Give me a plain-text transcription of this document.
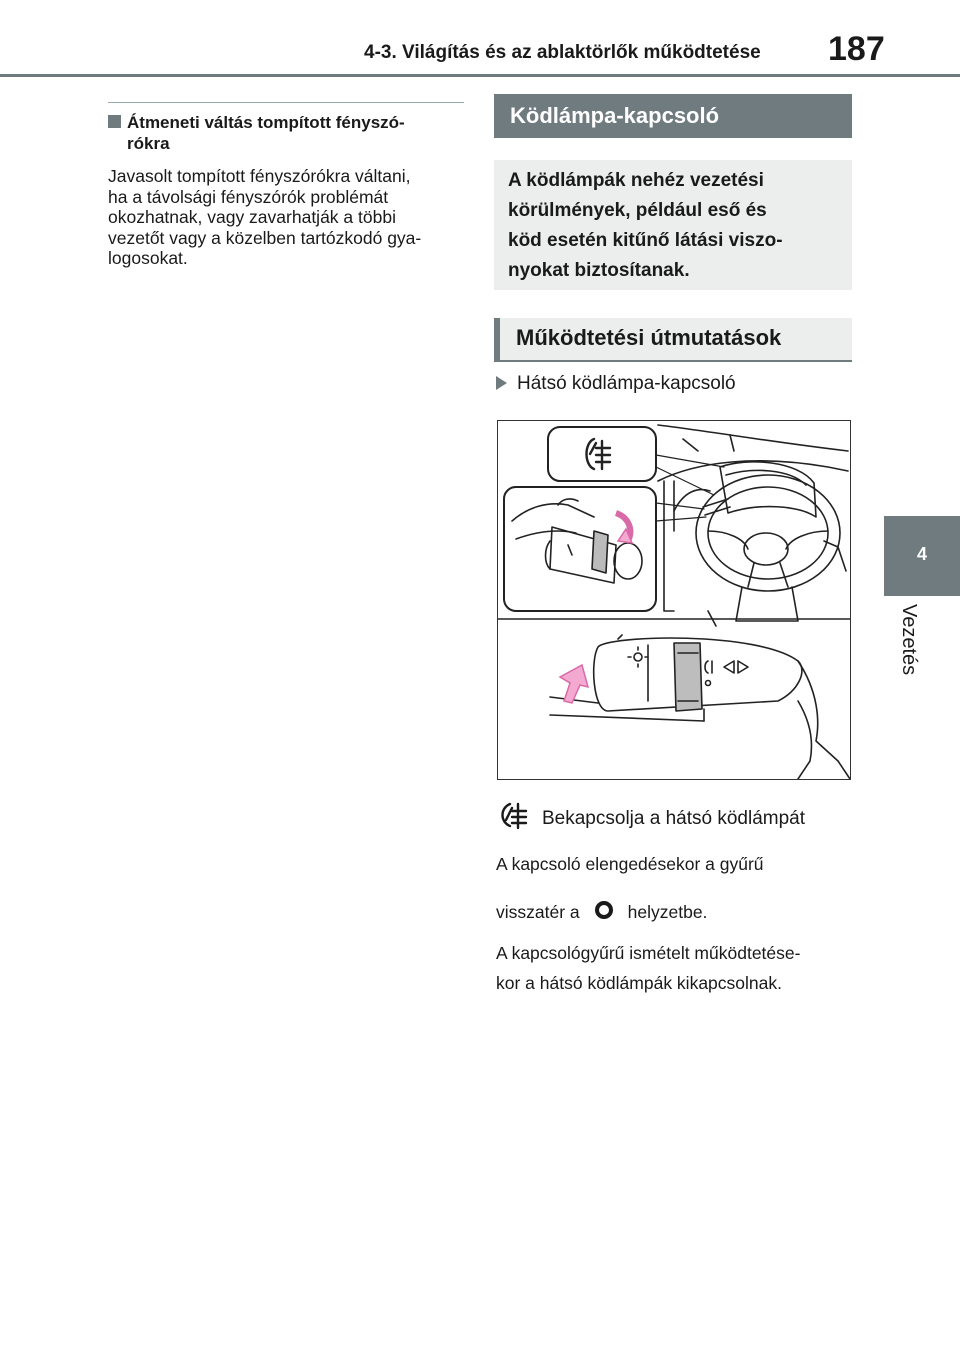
4-3. Világítás és az ablaktörlők működtetése 187
4
Vezetés
Átmeneti váltás tompított fényszó-
rókra

Javasolt tompított fényszórókra váltani,
ha a távolsági fényszórók problémát
okozhatnak, vagy zavarhatják a többi
vezetőt vagy a közelben tartózkodó gya-
logosokat.

Ködlámpa-kapcsoló
A ködlámpák nehéz vezetési
körülmények, például eső és
köd esetén kitűnő látási viszo-
nyokat biztosítanak.
Működtetési útmutatások
Hátsó ködlámpa-kapcsoló
Bekapcsolja a hátsó ködlámpát

A kapcsoló elengedésekor a gyűrű
visszatér a	helyzetbe.

A kapcsológyűrű ismételt működtetése-
kor a hátsó ködlámpák kikapcsolnak.
